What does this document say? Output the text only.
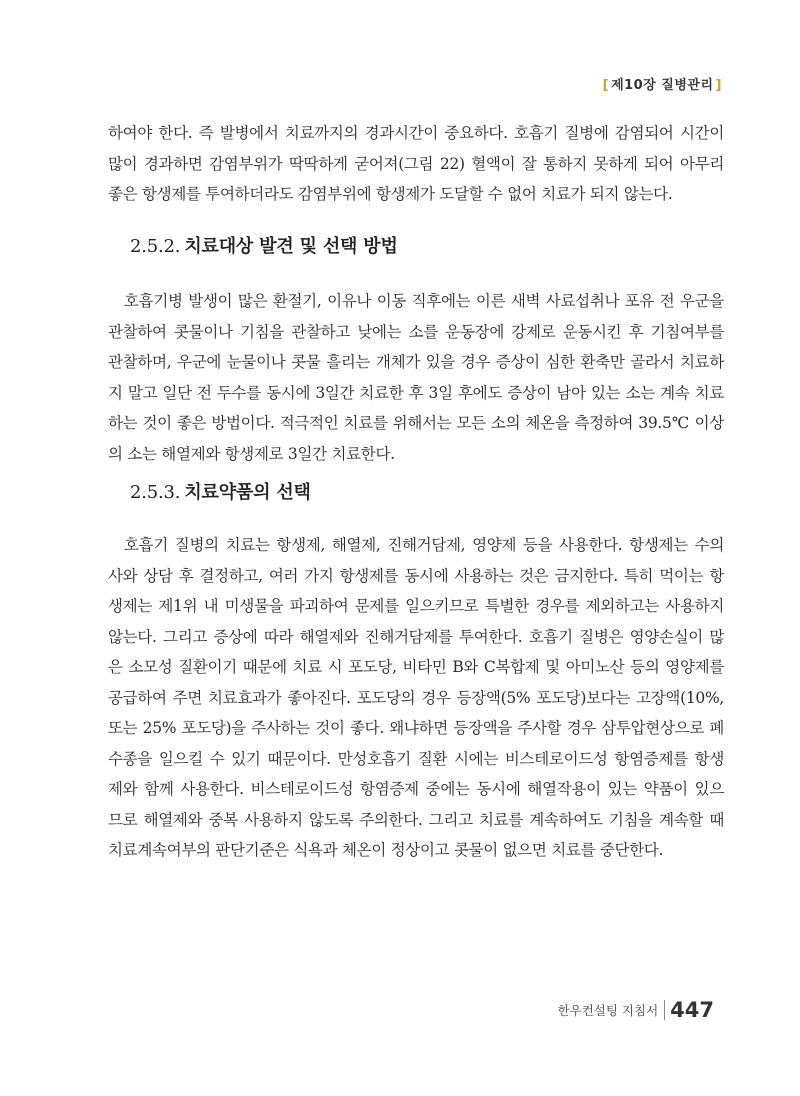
[ 제10장 질병관리 ]

하여야 한다. 즉 발병에서 치료까지의 경과시간이 중요하다. 호흡기 질병에 감염되어 시간이
많이 경과하면 감염부위가 딱딱하게 굳어져(그림 22) 혈액이 잘 통하지 못하게 되어 아무리
좋은 항생제를 투여하더라도 감염부위에 항생제가 도달할 수 없어 치료가 되지 않는다.

2.5.2. 치료대상 발견 및 선택 방법

호흡기병 발생이 많은 환절기, 이유나 이동 직후에는 이른 새벽 사료섭취나 포유 전 우군을
관찰하여 콧물이나 기침을 관찰하고 낮에는 소를 운동장에 강제로 운동시킨 후 기침여부를
관찰하며, 우군에 눈물이나 콧물 흘리는 개체가 있을 경우 증상이 심한 환축만 골라서 치료하
지 말고 일단 전 두수를 동시에 3일간 치료한 후 3일 후에도 증상이 남아 있는 소는 계속 치료
하는 것이 좋은 방법이다. 적극적인 치료를 위해서는 모든 소의 체온을 측정하여 39.5℃ 이상
의 소는 해열제와 항생제로 3일간 치료한다.

2.5.3. 치료약품의 선택

호흡기 질병의 치료는 항생제, 해열제, 진해거담제, 영양제 등을 사용한다. 항생제는 수의
사와 상담 후 결정하고, 여러 가지 항생제를 동시에 사용하는 것은 금지한다. 특히 먹이는 항
생제는 제1위 내 미생물을 파괴하여 문제를 일으키므로 특별한 경우를 제외하고는 사용하지
않는다. 그리고 증상에 따라 해열제와 진해거담제를 투여한다. 호흡기 질병은 영양손실이 많
은 소모성 질환이기 때문에 치료 시 포도당, 비타민 B와 C복합제 및 아미노산 등의 영양제를
공급하여 주면 치료효과가 좋아진다. 포도당의 경우 등장액(5% 포도당)보다는 고장액(10%,
또는 25% 포도당)을 주사하는 것이 좋다. 왜냐하면 등장액을 주사할 경우 삼투압현상으로 폐
수종을 일으킬 수 있기 때문이다. 만성호흡기 질환 시에는 비스테로이드성 항염증제를 항생
제와 함께 사용한다. 비스테로이드성 항염증제 중에는 동시에 해열작용이 있는 약품이 있으
므로 해열제와 중복 사용하지 않도록 주의한다. 그리고 치료를 계속하여도 기침을 계속할 때
치료계속여부의 판단기준은 식욕과 체온이 정상이고 콧물이 없으면 치료를 중단한다.

한우컨설팅 지침서 447
